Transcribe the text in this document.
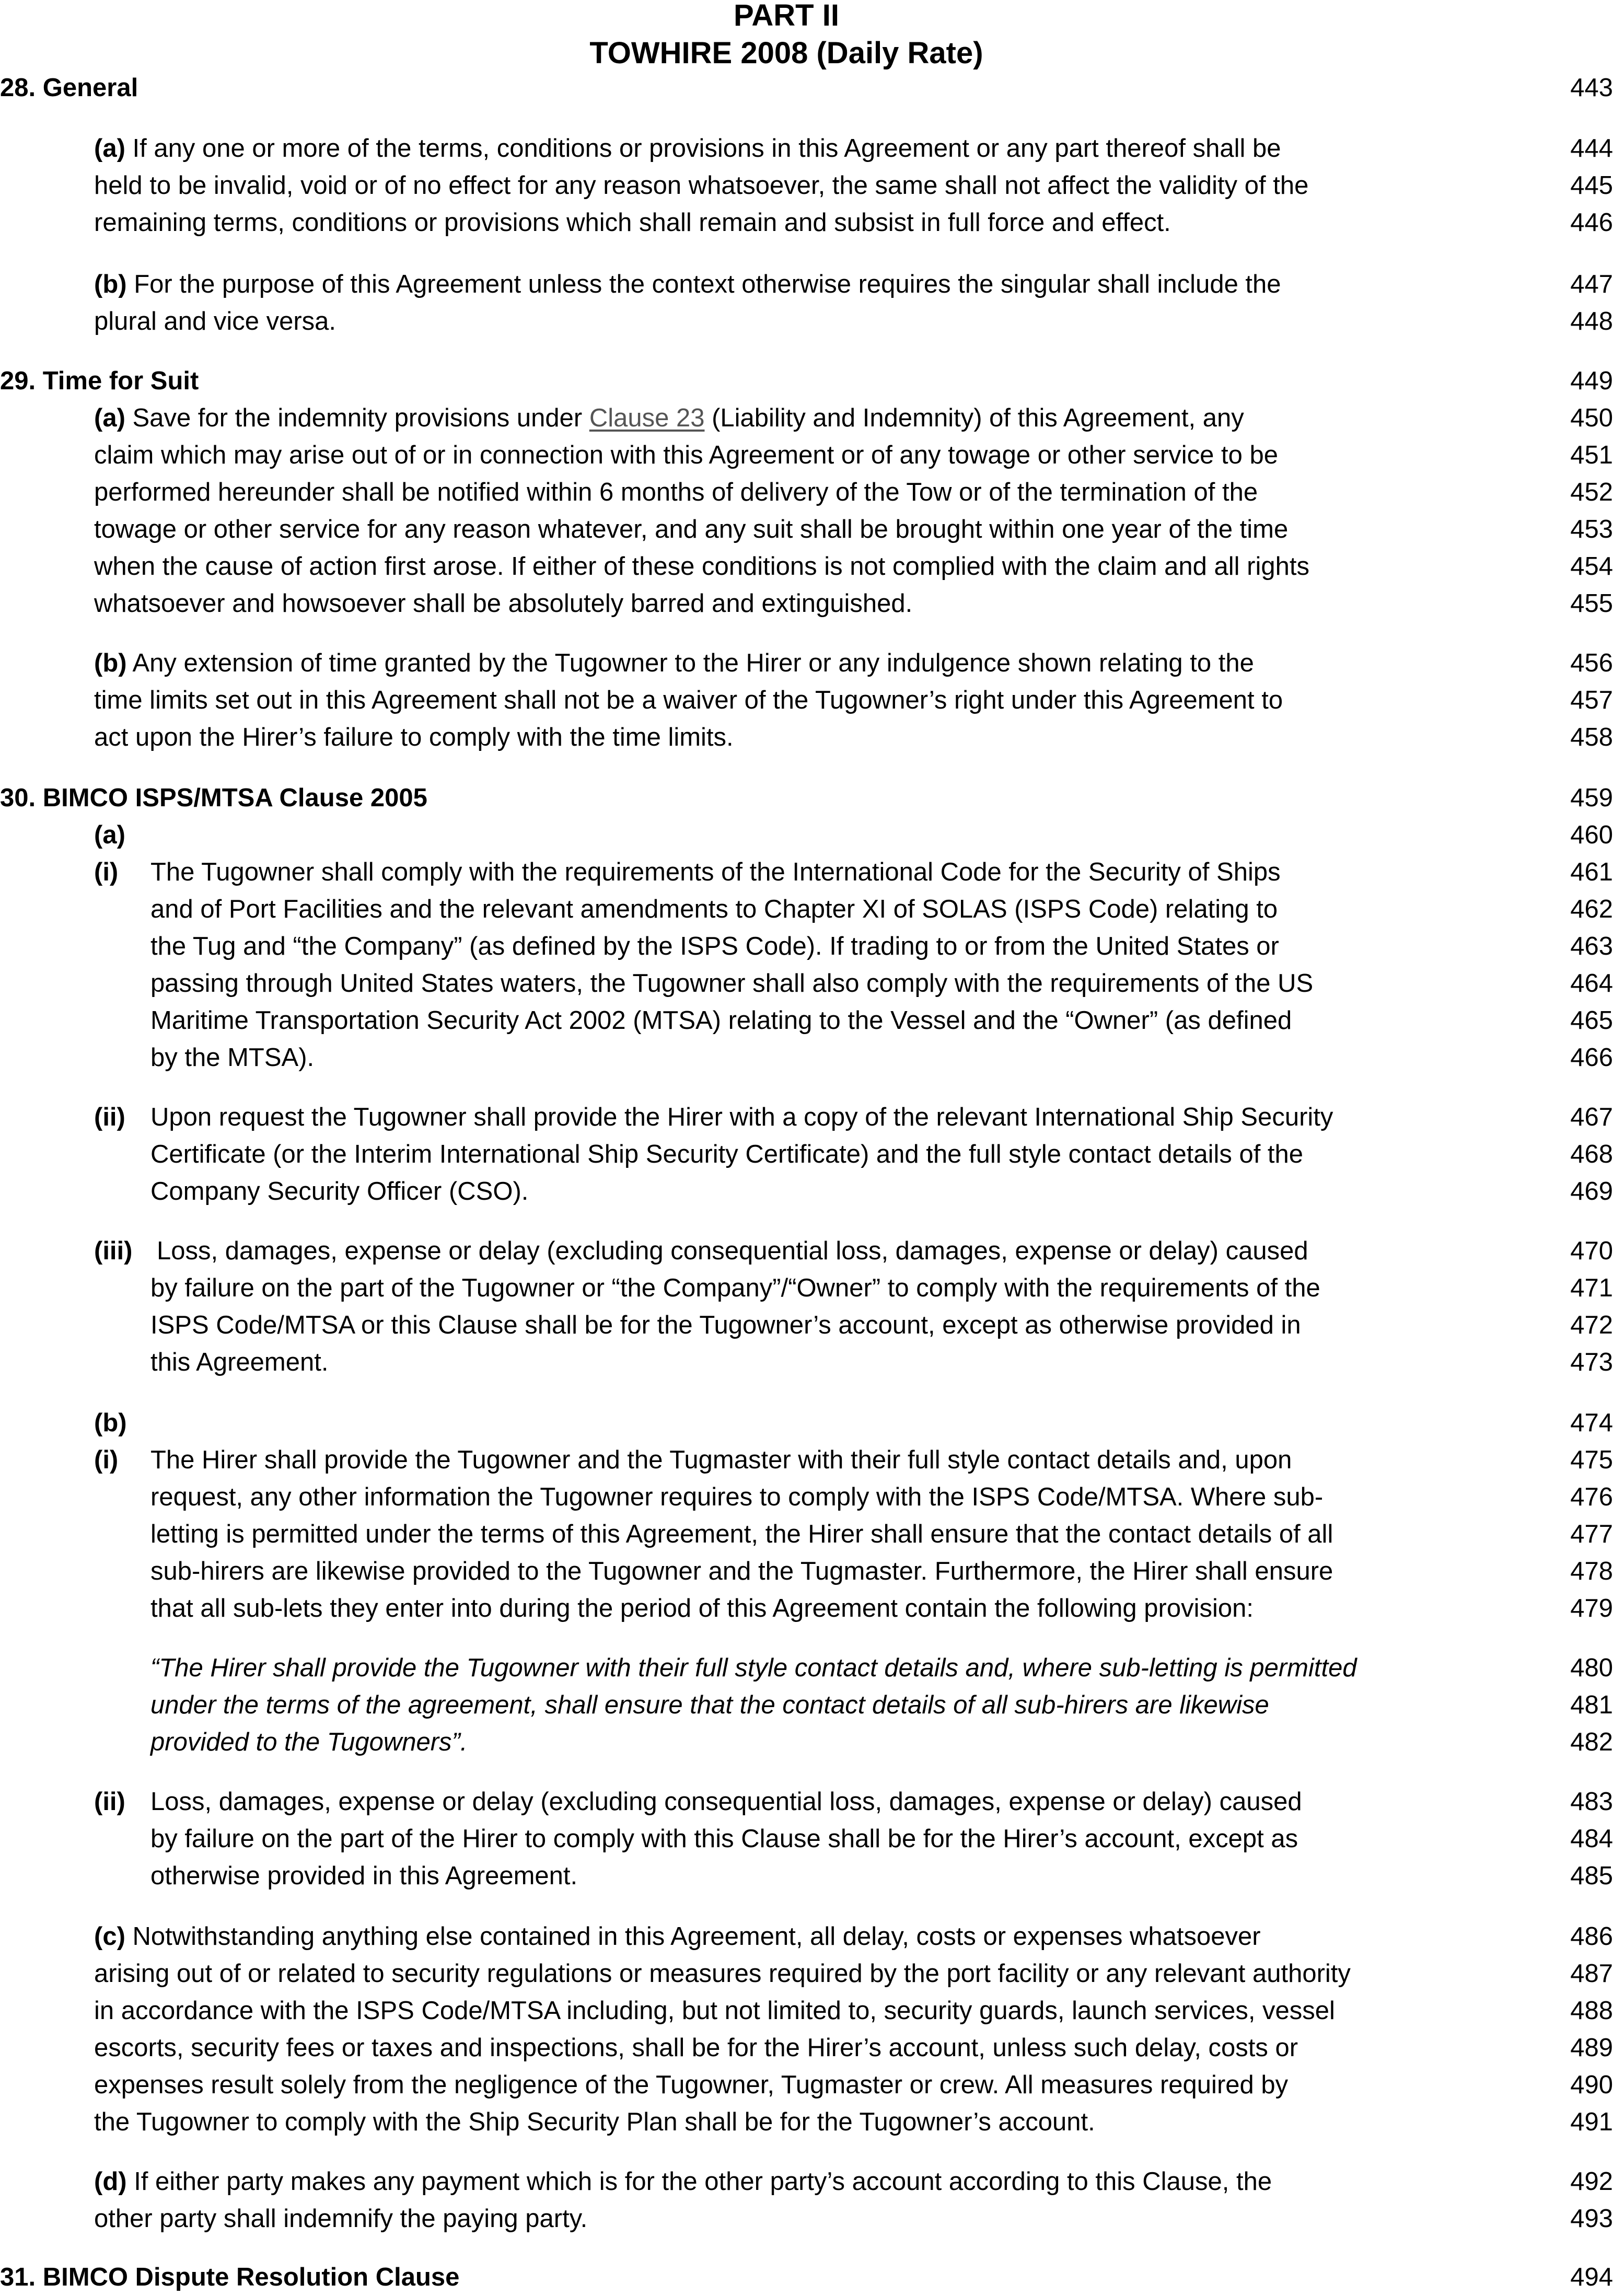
PART II
TOWHIRE 2008 (Daily Rate)
28. General	443
(a) If any one or more of the terms, conditions or provisions in this Agreement or any part thereof shall be	444
held to be invalid, void or of no effect for any reason whatsoever, the same shall not affect the validity of the	445
remaining terms, conditions or provisions which shall remain and subsist in full force and effect.	446
(b) For the purpose of this Agreement unless the context otherwise requires the singular shall include the	447
plural and vice versa.	448
29. Time for Suit	449
(a) Save for the indemnity provisions under Clause 23 (Liability and Indemnity) of this Agreement, any	450
claim which may arise out of or in connection with this Agreement or of any towage or other service to be	451
performed hereunder shall be notified within 6 months of delivery of the Tow or of the termination of the	452
towage or other service for any reason whatever, and any suit shall be brought within one year of the time	453
when the cause of action first arose. If either of these conditions is not complied with the claim and all rights	454
whatsoever and howsoever shall be absolutely barred and extinguished.	455
(b) Any extension of time granted by the Tugowner to the Hirer or any indulgence shown relating to the	456
time limits set out in this Agreement shall not be a waiver of the Tugowner’s right under this Agreement to	457
act upon the Hirer’s failure to comply with the time limits.	458
30. BIMCO ISPS/MTSA Clause 2005	459
(a)	460
(i) The Tugowner shall comply with the requirements of the International Code for the Security of Ships	461
and of Port Facilities and the relevant amendments to Chapter XI of SOLAS (ISPS Code) relating to	462
the Tug and “the Company” (as defined by the ISPS Code). If trading to or from the United States or	463
passing through United States waters, the Tugowner shall also comply with the requirements of the US	464
Maritime Transportation Security Act 2002 (MTSA) relating to the Vessel and the “Owner” (as defined	465
by the MTSA).	466
(ii) Upon request the Tugowner shall provide the Hirer with a copy of the relevant International Ship Security	467
Certificate (or the Interim International Ship Security Certificate) and the full style contact details of the	468
Company Security Officer (CSO).	469
(iii) Loss, damages, expense or delay (excluding consequential loss, damages, expense or delay) caused	470
by failure on the part of the Tugowner or “the Company”/“Owner” to comply with the requirements of the	471
ISPS Code/MTSA or this Clause shall be for the Tugowner’s account, except as otherwise provided in	472
this Agreement.	473
(b)	474
(i) The Hirer shall provide the Tugowner and the Tugmaster with their full style contact details and, upon	475
request, any other information the Tugowner requires to comply with the ISPS Code/MTSA. Where sub-	476
letting is permitted under the terms of this Agreement, the Hirer shall ensure that the contact details of all	477
sub-hirers are likewise provided to the Tugowner and the Tugmaster. Furthermore, the Hirer shall ensure	478
that all sub-lets they enter into during the period of this Agreement contain the following provision:	479
“The Hirer shall provide the Tugowner with their full style contact details and, where sub-letting is permitted	480
under the terms of the agreement, shall ensure that the contact details of all sub-hirers are likewise	481
provided to the Tugowners”.	482
(ii) Loss, damages, expense or delay (excluding consequential loss, damages, expense or delay) caused	483
by failure on the part of the Hirer to comply with this Clause shall be for the Hirer’s account, except as	484
otherwise provided in this Agreement.	485
(c) Notwithstanding anything else contained in this Agreement, all delay, costs or expenses whatsoever	486
arising out of or related to security regulations or measures required by the port facility or any relevant authority	487
in accordance with the ISPS Code/MTSA including, but not limited to, security guards, launch services, vessel	488
escorts, security fees or taxes and inspections, shall be for the Hirer’s account, unless such delay, costs or	489
expenses result solely from the negligence of the Tugowner, Tugmaster or crew. All measures required by	490
the Tugowner to comply with the Ship Security Plan shall be for the Tugowner’s account.	491
(d) If either party makes any payment which is for the other party’s account according to this Clause, the	492
other party shall indemnify the paying party.	493
31. BIMCO Dispute Resolution Clause	494
